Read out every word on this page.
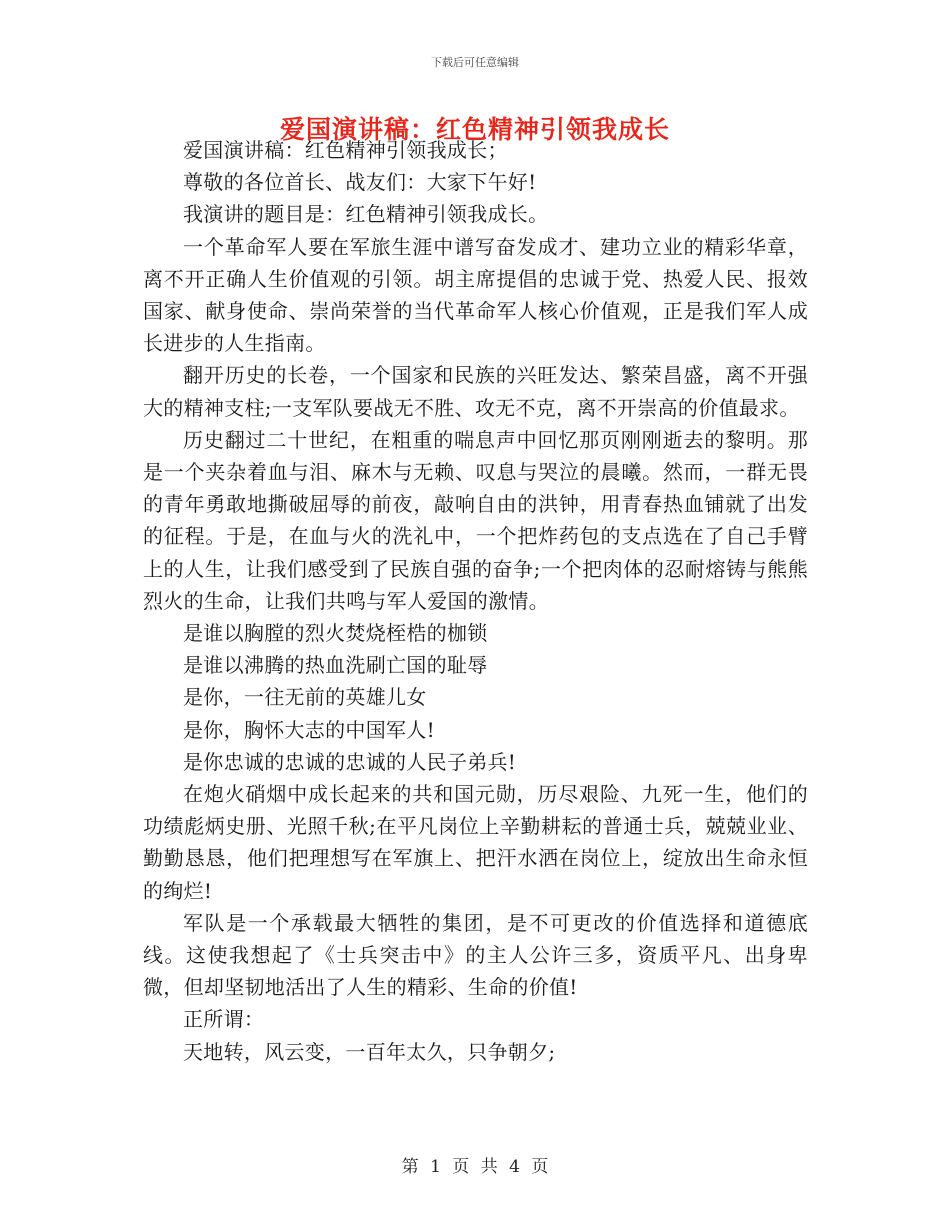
下载后可任意编辑
爱国演讲稿：红色精神引领我成长

爱国演讲稿：红色精神引领我成长；

尊敬的各位首长、战友们：大家下午好!

我演讲的题目是：红色精神引领我成长。

一个革命军人要在军旅生涯中谱写奋发成才、建功立业的精彩华章，离不开正确人生价值观的引领。胡主席提倡的忠诚于党、热爱人民、报效国家、献身使命、崇尚荣誉的当代革命军人核心价值观，正是我们军人成长进步的人生指南。

翻开历史的长卷，一个国家和民族的兴旺发达、繁荣昌盛，离不开强大的精神支柱;一支军队要战无不胜、攻无不克，离不开崇高的价值最求。

历史翻过二十世纪，在粗重的喘息声中回忆那页刚刚逝去的黎明。那是一个夹杂着血与泪、麻木与无赖、叹息与哭泣的晨曦。然而，一群无畏的青年勇敢地撕破屈辱的前夜，敲响自由的洪钟，用青春热血铺就了出发的征程。于是，在血与火的洗礼中，一个把炸药包的支点选在了自己手臂上的人生，让我们感受到了民族自强的奋争;一个把肉体的忍耐熔铸与熊熊烈火的生命，让我们共鸣与军人爱国的激情。

是谁以胸膛的烈火焚烧桎梏的枷锁

是谁以沸腾的热血洗刷亡国的耻辱

是你，一往无前的英雄儿女

是你，胸怀大志的中国军人!

是你忠诚的忠诚的忠诚的人民子弟兵!

在炮火硝烟中成长起来的共和国元勋，历尽艰险、九死一生，他们的功绩彪炳史册、光照千秋;在平凡岗位上辛勤耕耘的普通士兵，兢兢业业、勤勤恳恳，他们把理想写在军旗上、把汗水洒在岗位上，绽放出生命永恒的绚烂!

军队是一个承载最大牺牲的集团，是不可更改的价值选择和道德底线。这使我想起了《士兵突击中》的主人公许三多，资质平凡、出身卑微，但却坚韧地活出了人生的精彩、生命的价值!

正所谓：

天地转，风云变，一百年太久，只争朝夕;

第 1 页 共 4 页
